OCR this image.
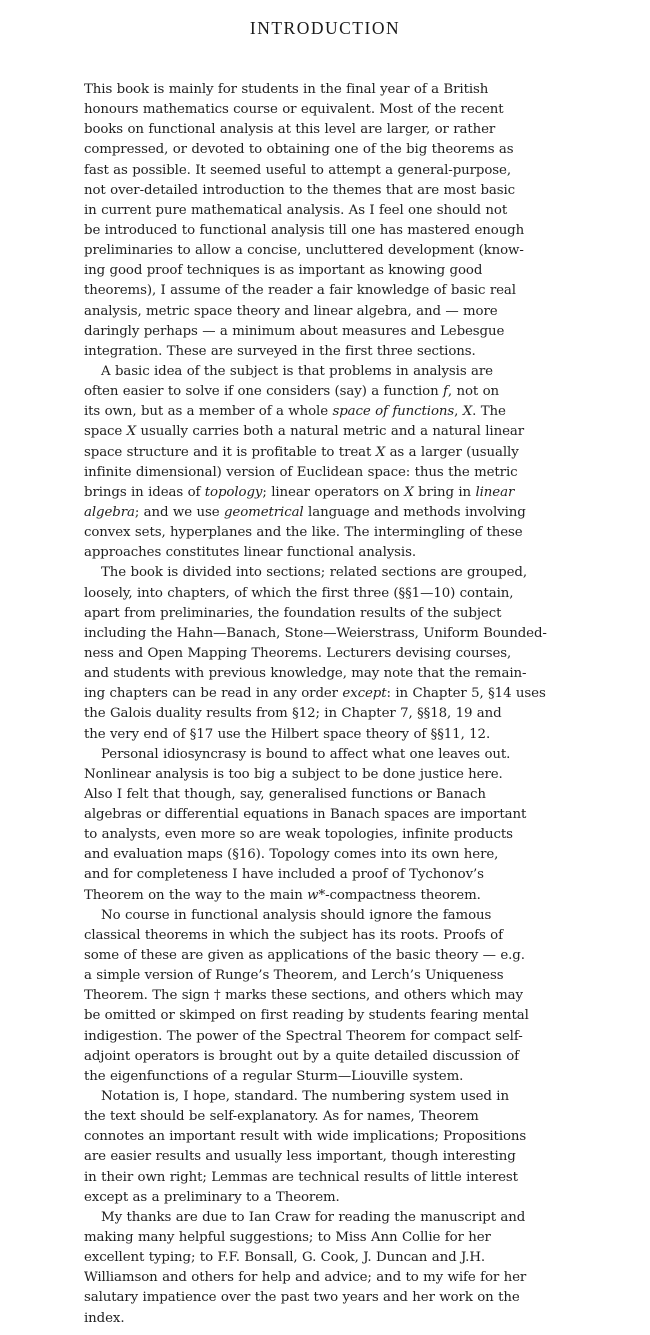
INTRODUCTION
This book is mainly for students in the final year of a British
honours mathematics course or equivalent. Most of the recent
books on functional analysis at this level are larger, or rather
compressed, or devoted to obtaining one of the big theorems as
fast as possible. It seemed useful to attempt a general-purpose,
not over-detailed introduction to the themes that are most basic
in current pure mathematical analysis. As I feel one should not
be introduced to functional analysis till one has mastered enough
preliminaries to allow a concise, uncluttered development (know-
ing good proof techniques is as important as knowing good
theorems), I assume of the reader a fair knowledge of basic real
analysis, metric space theory and linear algebra, and — more
daringly perhaps — a minimum about measures and Lebesgue
integration. These are surveyed in the first three sections.
A basic idea of the subject is that problems in analysis are
often easier to solve if one considers (say) a function f, not on
its own, but as a member of a whole space of functions, X. The
space X usually carries both a natural metric and a natural linear
space structure and it is profitable to treat X as a larger (usually
infinite dimensional) version of Euclidean space: thus the metric
brings in ideas of topology; linear operators on X bring in linear
algebra; and we use geometrical language and methods involving
convex sets, hyperplanes and the like. The intermingling of these
approaches constitutes linear functional analysis.
The book is divided into sections; related sections are grouped,
loosely, into chapters, of which the first three (§§1—10) contain,
apart from preliminaries, the foundation results of the subject
including the Hahn—Banach, Stone—Weierstrass, Uniform Bounded-
ness and Open Mapping Theorems. Lecturers devising courses,
and students with previous knowledge, may note that the remain-
ing chapters can be read in any order except: in Chapter 5, §14 uses
the Galois duality results from §12; in Chapter 7, §§18, 19 and
the very end of §17 use the Hilbert space theory of §§11, 12.
Personal idiosyncrasy is bound to affect what one leaves out.
Nonlinear analysis is too big a subject to be done justice here.
Also I felt that though, say, generalised functions or Banach
algebras or differential equations in Banach spaces are important
to analysts, even more so are weak topologies, infinite products
and evaluation maps (§16). Topology comes into its own here,
and for completeness I have included a proof of Tychonov’s
Theorem on the way to the main w*-compactness theorem.
No course in functional analysis should ignore the famous
classical theorems in which the subject has its roots. Proofs of
some of these are given as applications of the basic theory — e.g.
a simple version of Runge’s Theorem, and Lerch’s Uniqueness
Theorem. The sign † marks these sections, and others which may
be omitted or skimped on first reading by students fearing mental
indigestion. The power of the Spectral Theorem for compact self-
adjoint operators is brought out by a quite detailed discussion of
the eigenfunctions of a regular Sturm—Liouville system.
Notation is, I hope, standard. The numbering system used in
the text should be self-explanatory. As for names, Theorem
connotes an important result with wide implications; Propositions
are easier results and usually less important, though interesting
in their own right; Lemmas are technical results of little interest
except as a preliminary to a Theorem.
My thanks are due to Ian Craw for reading the manuscript and
making many helpful suggestions; to Miss Ann Collie for her
excellent typing; to F.F. Bonsall, G. Cook, J. Duncan and J.H.
Williamson and others for help and advice; and to my wife for her
salutary impatience over the past two years and her work on the
index.
